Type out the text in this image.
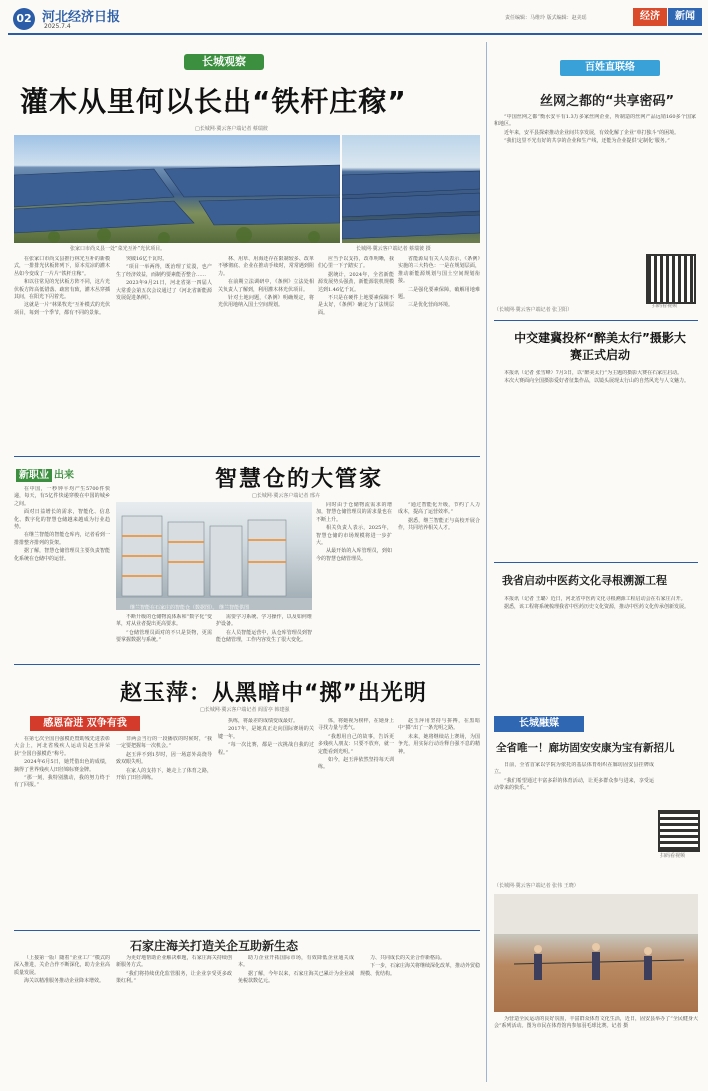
02 河北经济日报
2025.7.4
责任编辑：马维玲 版式编辑：赵美瑶	经济	新闻
长城观察
灌木从里何以长出“铁杆庄稼”
□长城网·冀云客户端记者 蔡瑞彼
张家口市尚义县一处“菜光互补”光伏项目。	长城网·冀云客户端记者 蔡瑞彼 摄

在张家口市尚义县推行林光互补的新模式，一排排光伏板阵列下，原本荒凉的灌木丛如今变成了一片片“铁杆庄稼”。

和以往常见的光伏板方阵不同，这片光伏板方阵高低错落、疏密有致，灌木丛穿插其间，在阳光下闪着光。

这就是一片“林果牧光”互补模式的光伏项目，每到一个季节，都有不同的景象。

突破16亿千瓦时。

“项目一举两得，既治理了荒漠，也产生了经济效益，而制约要素能否整合……

2023年9月21日，河北省第一四届人大常委会第五次会议通过了《河北省新能源发展促进条例》。

林、用草、用海还存在限制较多、改革不够彻底、企业在推动手续时，常常遇到阻力。

在前期立法调研中，《条例》立法处相关负责人了解到，利用灌木林光伏项目。

针对土地问题，《条例》明确规定，将光伏用地纳入国土空间规划。

应当予以支持，改革明晰，我们心里一下子踏实了。

据统计，2024年，全省新能源发展势头强劲，新能源装机规模达到1.46亿千瓦。

不只是在硬件上地要素保障不是太好，《条例》确定为了法规层面。

省能源局有关人员表示，《条例》实施的三大特色：一是在规划层面，推动新能源规划与国土空间规划衔接。

二是强化要素保障，破解用地难题。

三是优化营商环境。

新职业 出来	智慧仓的大管家
□长城网·冀云客户端记者 邢卉

在中国，一秒钟平均产生5700件快递，每天，有5亿件快递穿梭在中国的城乡之间。

面对日益增长的需求，智能化、信息化、数字化的智慧仓储越来越成为行业趋势。

在继兰智能的智能仓库内，记者看到一排排整齐排列的货架。

据了解，智慧仓储管理员主要负责智能化系统在仓储中的运营。

继兰智能在石家庄的智能仓（数据图）。 继兰智能供图

不断升级的仓储物流体系和“数字化”变革，对从业者提出更高要求。

“仓储管理员面对的不只是货物，更需要掌握数据与系统。”

需要学习系统、学习操作，以及如何维护设备。

在人员智能运营中，从仓库管理员到智能仓储管理，工作内容发生了很大变化。

同时由于仓储物流需求的增加，智慧仓储管理员的需求量也在不断上升。

相关负责人表示，2025年，智慧仓储的市场规模将进一步扩大。

从最开始的入库管理员，到如今的智慧仓储管理员。

“通过智能化升级，节约了人力成本，提高了运营效率。”

据悉，继兰智能正与高校开展合作，共同培养相关人才。

赵玉萍：从黑暗中“掷”出光明
□长城网·冀云客户端记者 阎雷亭 韩建强
感恩奋进 双争有我

在第七次全国自强模范暨助残先进表彰大会上，河北省残疾人运动员赵玉萍荣获“全国自强模范”称号。

2024年6月5日，她凭借出色的成绩，摘得了世界残疾人田径锦标赛金牌。

“那一刻，我特别激动，我的努力终于有了回报。”

非两会当行的一段播放的时候时，“我一定要把握每一次机会。”

赵玉萍不到1岁时，因一场意外高烧导致双眼失明。

在家人的支持下，她走上了体育之路，开始了田径训练。

执练，将最差的成绩变成最好。

2017年，是她真正走向国际赛场的关键一年。

“每一次比赛，都是一次挑战自我的过程。”

体，将她视为榜样，在她身上寻找力量与勇气。

“我想用自己的故事，告诉更多残疾人朋友：只要不放弃，就一定能看到光明。”

如今，赵玉萍依然坚持每天训练。

赵玉萍用坚持与拼搏，在黑暗中“掷”出了一条光明之路。

未来，她将继续站上赛场，为国争光，用实际行动诠释自强不息的精神。

石家庄海关打造关企互助新生态

（上接第一版）随着“企业工厂”模式的深入推进，关企合作不断深化，助力企业高质量发展。

海关以精准服务推动企业降本增效。

为更好地帮助企业解决难题，石家庄海关持续创新服务方式。

“我们将持续优化监管服务，让企业享受更多政策红利。”

助力企业开拓国际市场，有效降低企业通关成本。

据了解，今年以来，石家庄海关已累计为企业减免税款数亿元。

力、共同成长的关企合作新格局。

下一步，石家庄海关将继续深化改革，推动外贸稳规模、优结构。

百姓直联络
丝网之都的“共享密码”

“中国丝网之都”衡水安平有1.3万多家丝网企业，所制造的丝网产品远销160多个国家和地区。

近年来，安平县探索推动企业间共享发展，有效化解了企业“单打独斗”的困境。

“我们这里不光有好的共享的企业和生产线，还能为企业提供‘定制化’服务。”

（长城网·冀云客户端记者 张卫阳）
扫码看视频
中交建冀投杯“醉美太行”摄影大赛正式启动

本报讯（记者 张雪峰）7月3日，以“醉美太行”为主题的摄影大赛在石家庄启动。

本次大赛面向全国摄影爱好者征集作品，以镜头展现太行山的自然风光与人文魅力。

我省启动中医药文化寻根溯源工程

本报讯（记者 王璐）近日，河北省中医药文化寻根溯源工程启动会在石家庄召开。

据悉，该工程将系统梳理我省中医药历史文化资源，推动中医药文化传承创新发展。

长城融媒
全省唯一！廊坊固安安康为宝有新招儿

日前，全省首家以学院为依托的基层体育组织在廊坊固安县挂牌成立。

“我们希望通过丰富多彩的体育活动，让更多群众参与进来，享受运动带来的快乐。”

扫码看视频
（长城网·冀云客户端记者 张伟 王晓）

为营造全民运动的良好氛围，丰富群众体育文化生活，近日，固安县举办了“全民健身大会”系列活动。图为市民在体育馆内参加羽毛球比赛。记者 摄
